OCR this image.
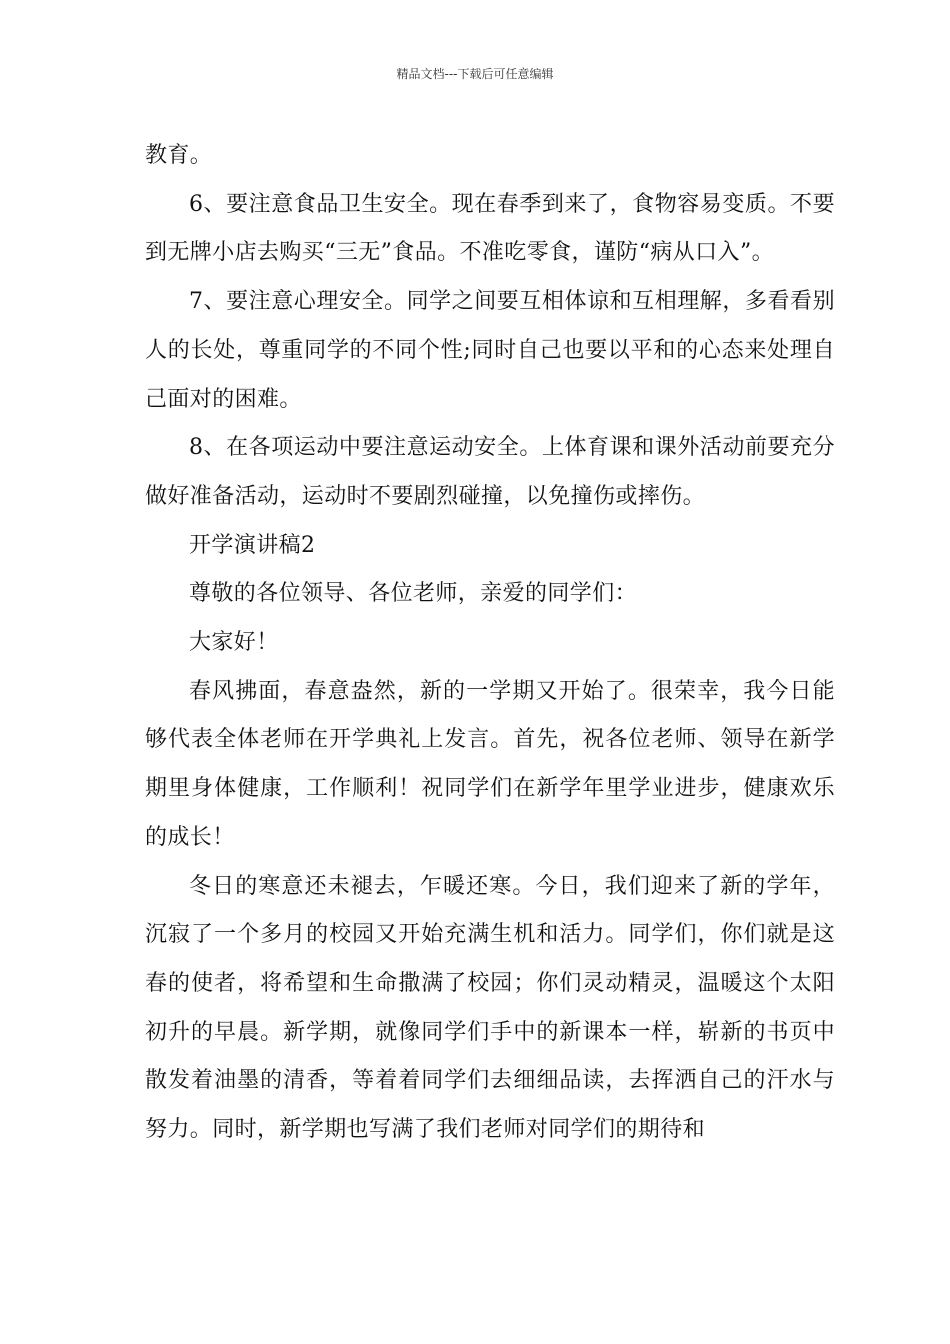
精品文档---下载后可任意编辑

教育。

6、要注意食品卫生安全。现在春季到来了，食物容易变质。不要到无牌小店去购买“三无”食品。不准吃零食，谨防“病从口入”。

7、要注意心理安全。同学之间要互相体谅和互相理解，多看看别人的长处，尊重同学的不同个性;同时自己也要以平和的心态来处理自己面对的困难。

8、在各项运动中要注意运动安全。上体育课和课外活动前要充分做好准备活动，运动时不要剧烈碰撞，以免撞伤或摔伤。

开学演讲稿2

尊敬的各位领导、各位老师，亲爱的同学们：

大家好！

春风拂面，春意盎然，新的一学期又开始了。很荣幸，我今日能够代表全体老师在开学典礼上发言。首先，祝各位老师、领导在新学期里身体健康，工作顺利！祝同学们在新学年里学业进步，健康欢乐的成长！

冬日的寒意还未褪去，乍暖还寒。今日，我们迎来了新的学年，沉寂了一个多月的校园又开始充满生机和活力。同学们，你们就是这春的使者，将希望和生命撒满了校园；你们灵动精灵，温暖这个太阳初升的早晨。新学期，就像同学们手中的新课本一样，崭新的书页中散发着油墨的清香，等着着同学们去细细品读，去挥洒自己的汗水与努力。同时，新学期也写满了我们老师对同学们的期待和
